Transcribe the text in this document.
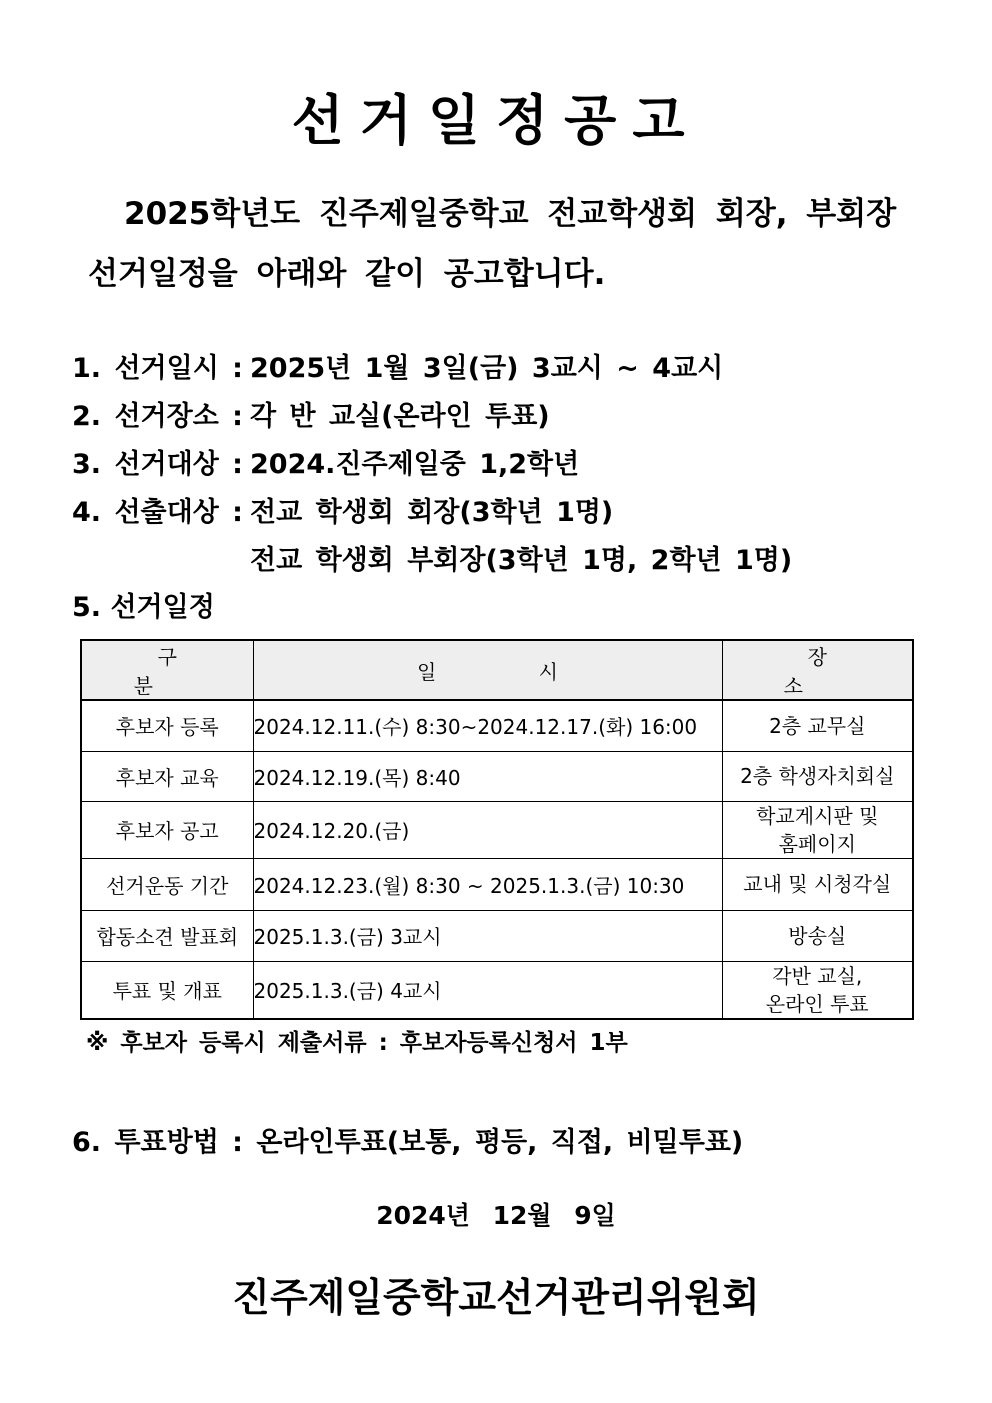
선거일정공고
2025학년도 진주제일중학교 전교학생회 회장, 부회장
선거일정을 아래와 같이 공고합니다.
1. 선거일시 : 2025년 1월 3일(금) 3교시 ~ 4교시
2. 선거장소 : 각 반 교실(온라인 투표)
3. 선거대상 : 2024.진주제일중 1,2학년
4. 선출대상 : 전교 학생회 회장(3학년 1명)
전교 학생회 부회장(3학년 1명, 2학년 1명)
5. 선거일정
구 분	일 시	장 소
후보자 등록	2024.12.11.(수) 8:30~2024.12.17.(화) 16:00	2층 교무실

후보자 교육	2024.12.19.(목) 8:40	2층 학생자치회실

후보자 공고	2024.12.20.(금)	학교게시판 및
홈페이지

선거운동 기간	2024.12.23.(월) 8:30 ~ 2025.1.3.(금) 10:30	교내 및 시청각실

합동소견 발표회	2025.1.3.(금) 3교시	방송실

투표 및 개표	2025.1.3.(금) 4교시	각반 교실,
온라인 투표
※ 후보자 등록시 제출서류 : 후보자등록신청서 1부
6. 투표방법 : 온라인투표(보통, 평등, 직접, 비밀투표)
2024년 12월 9일
진주제일중학교선거관리위원회
